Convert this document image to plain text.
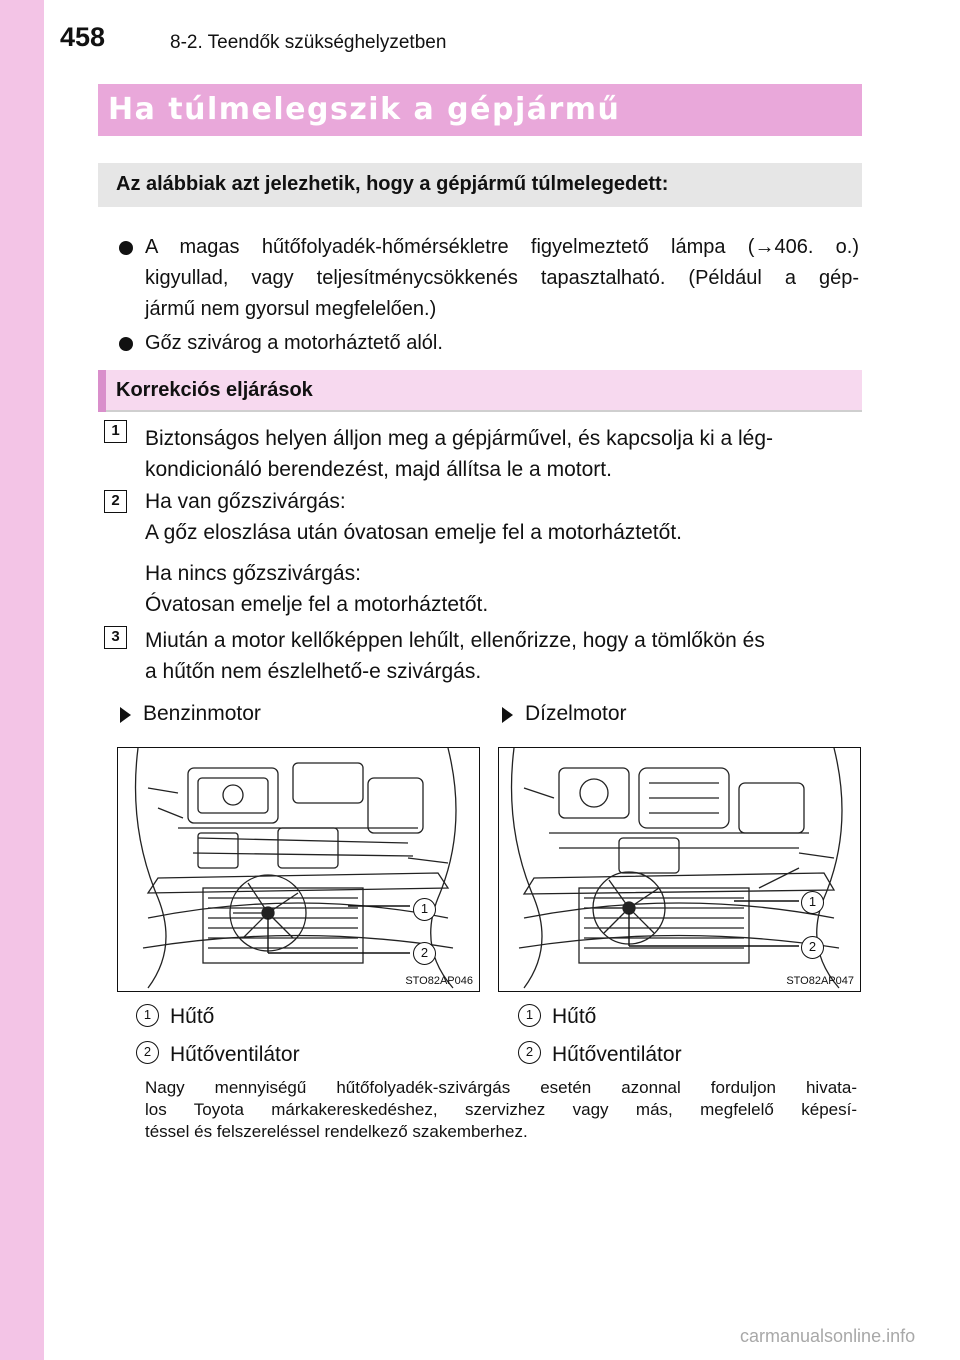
458	8-2. Teendők szükséghelyzetben
Ha túlmelegszik a gépjármű
Az alábbiak azt jelezhetik, hogy a gépjármű túlmelegedett:
A magas hűtőfolyadék-hőmérsékletre figyelmeztető lámpa (→406. o.)
kigyullad, vagy teljesítménycsökkenés tapasztalható. (Például a gép-
jármű nem gyorsul megfelelően.)
Gőz szivárog a motorháztető alól.
Korrekciós eljárások
1	Biztonságos helyen álljon meg a gépjárművel, és kapcsolja ki a lég-
kondicionáló berendezést, majd állítsa le a motort.
2	Ha van gőzszivárgás:
A gőz eloszlása után óvatosan emelje fel a motorháztetőt.
Ha nincs gőzszivárgás:
Óvatosan emelje fel a motorháztetőt.
3	Miután a motor kellőképpen lehűlt, ellenőrizze, hogy a tömlőkön és
a hűtőn nem észlelhető-e szivárgás.
Benzinmotor	Dízelmotor
1
2
STO82AP046
1
2
STO82AP047
1 Hűtő
2 Hűtőventilátor
1 Hűtő
2 Hűtőventilátor
Nagy mennyiségű hűtőfolyadék-szivárgás esetén azonnal forduljon hivata-
los Toyota márkakereskedéshez, szervizhez vagy más, megfelelő képesí-
téssel és felszereléssel rendelkező szakemberhez.
carmanualsonline.info
